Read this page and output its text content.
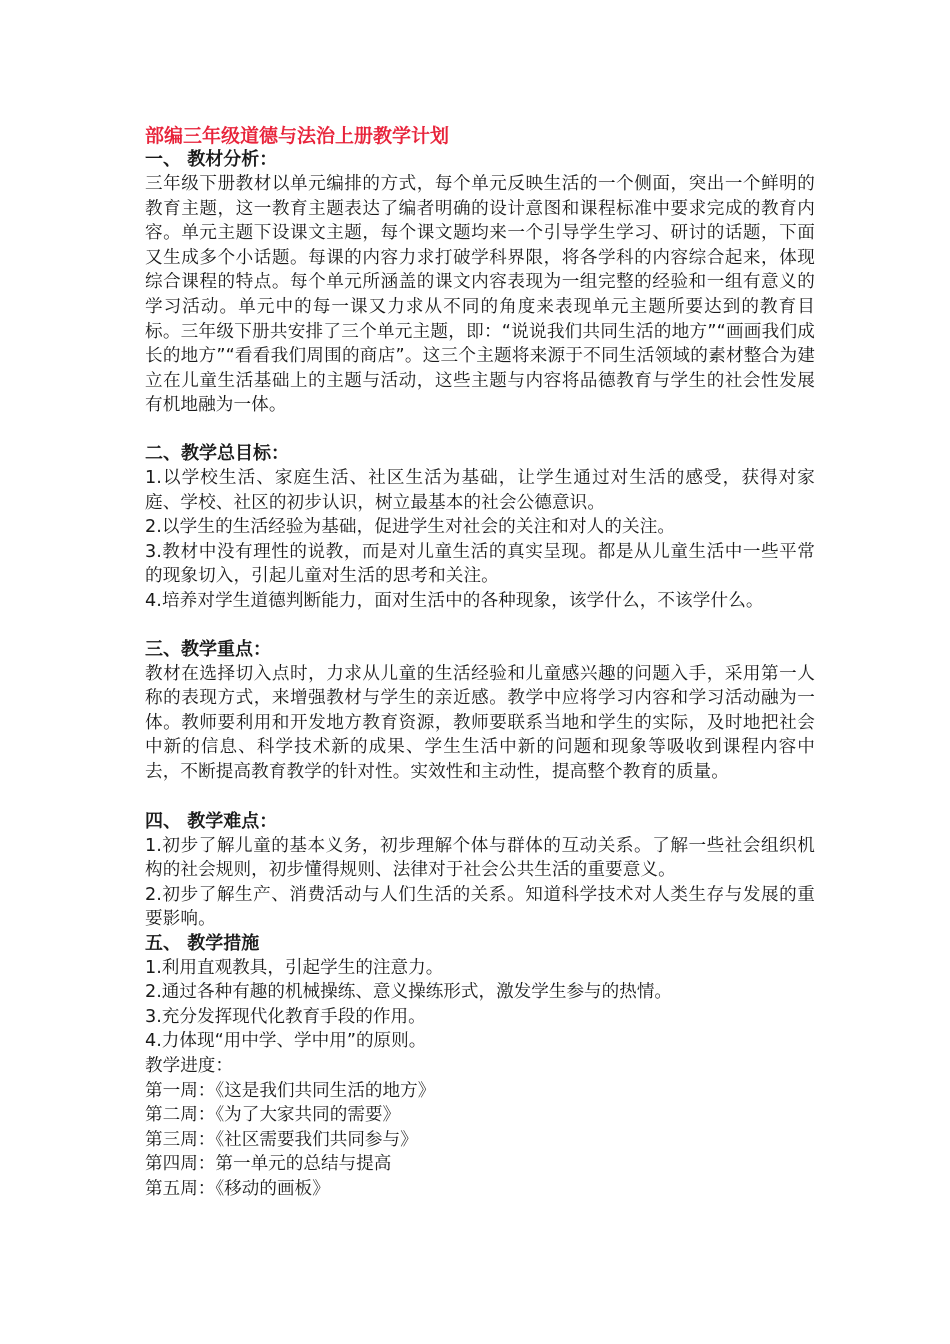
部编三年级道德与法治上册教学计划
一、 教材分析：

三年级下册教材以单元编排的方式，每个单元反映生活的一个侧面，突出一个鲜明的教育主题，这一教育主题表达了编者明确的设计意图和课程标准中要求完成的教育内容。单元主题下设课文主题，每个课文题均来一个引导学生学习、研讨的话题，下面又生成多个小话题。每课的内容力求打破学科界限，将各学科的内容综合起来，体现综合课程的特点。每个单元所涵盖的课文内容表现为一组完整的经验和一组有意义的学习活动。单元中的每一课又力求从不同的角度来表现单元主题所要达到的教育目标。三年级下册共安排了三个单元主题，即：“说说我们共同生活的地方”“画画我们成长的地方”“看看我们周围的商店”。这三个主题将来源于不同生活领域的素材整合为建立在儿童生活基础上的主题与活动，这些主题与内容将品德教育与学生的社会性发展有机地融为一体。

二、教学总目标：

1.以学校生活、家庭生活、社区生活为基础，让学生通过对生活的感受，获得对家庭、学校、社区的初步认识，树立最基本的社会公德意识。

2.以学生的生活经验为基础，促进学生对社会的关注和对人的关注。

3.教材中没有理性的说教，而是对儿童生活的真实呈现。都是从儿童生活中一些平常的现象切入，引起儿童对生活的思考和关注。

4.培养对学生道德判断能力，面对生活中的各种现象，该学什么，不该学什么。

三、教学重点：

教材在选择切入点时，力求从儿童的生活经验和儿童感兴趣的问题入手，采用第一人称的表现方式，来增强教材与学生的亲近感。教学中应将学习内容和学习活动融为一体。教师要利用和开发地方教育资源，教师要联系当地和学生的实际，及时地把社会中新的信息、科学技术新的成果、学生生活中新的问题和现象等吸收到课程内容中去，不断提高教育教学的针对性。实效性和主动性，提高整个教育的质量。

四、 教学难点：

1.初步了解儿童的基本义务，初步理解个体与群体的互动关系。了解一些社会组织机构的社会规则，初步懂得规则、法律对于社会公共生活的重要意义。

2.初步了解生产、消费活动与人们生活的关系。知道科学技术对人类生存与发展的重要影响。

五、 教学措施

1.利用直观教具，引起学生的注意力。

2.通过各种有趣的机械操练、意义操练形式，激发学生参与的热情。

3.充分发挥现代化教育手段的作用。

4.力体现“用中学、学中用”的原则。

教学进度：

第一周：《这是我们共同生活的地方》

第二周：《为了大家共同的需要》

第三周：《社区需要我们共同参与》

第四周：第一单元的总结与提高

第五周：《移动的画板》
